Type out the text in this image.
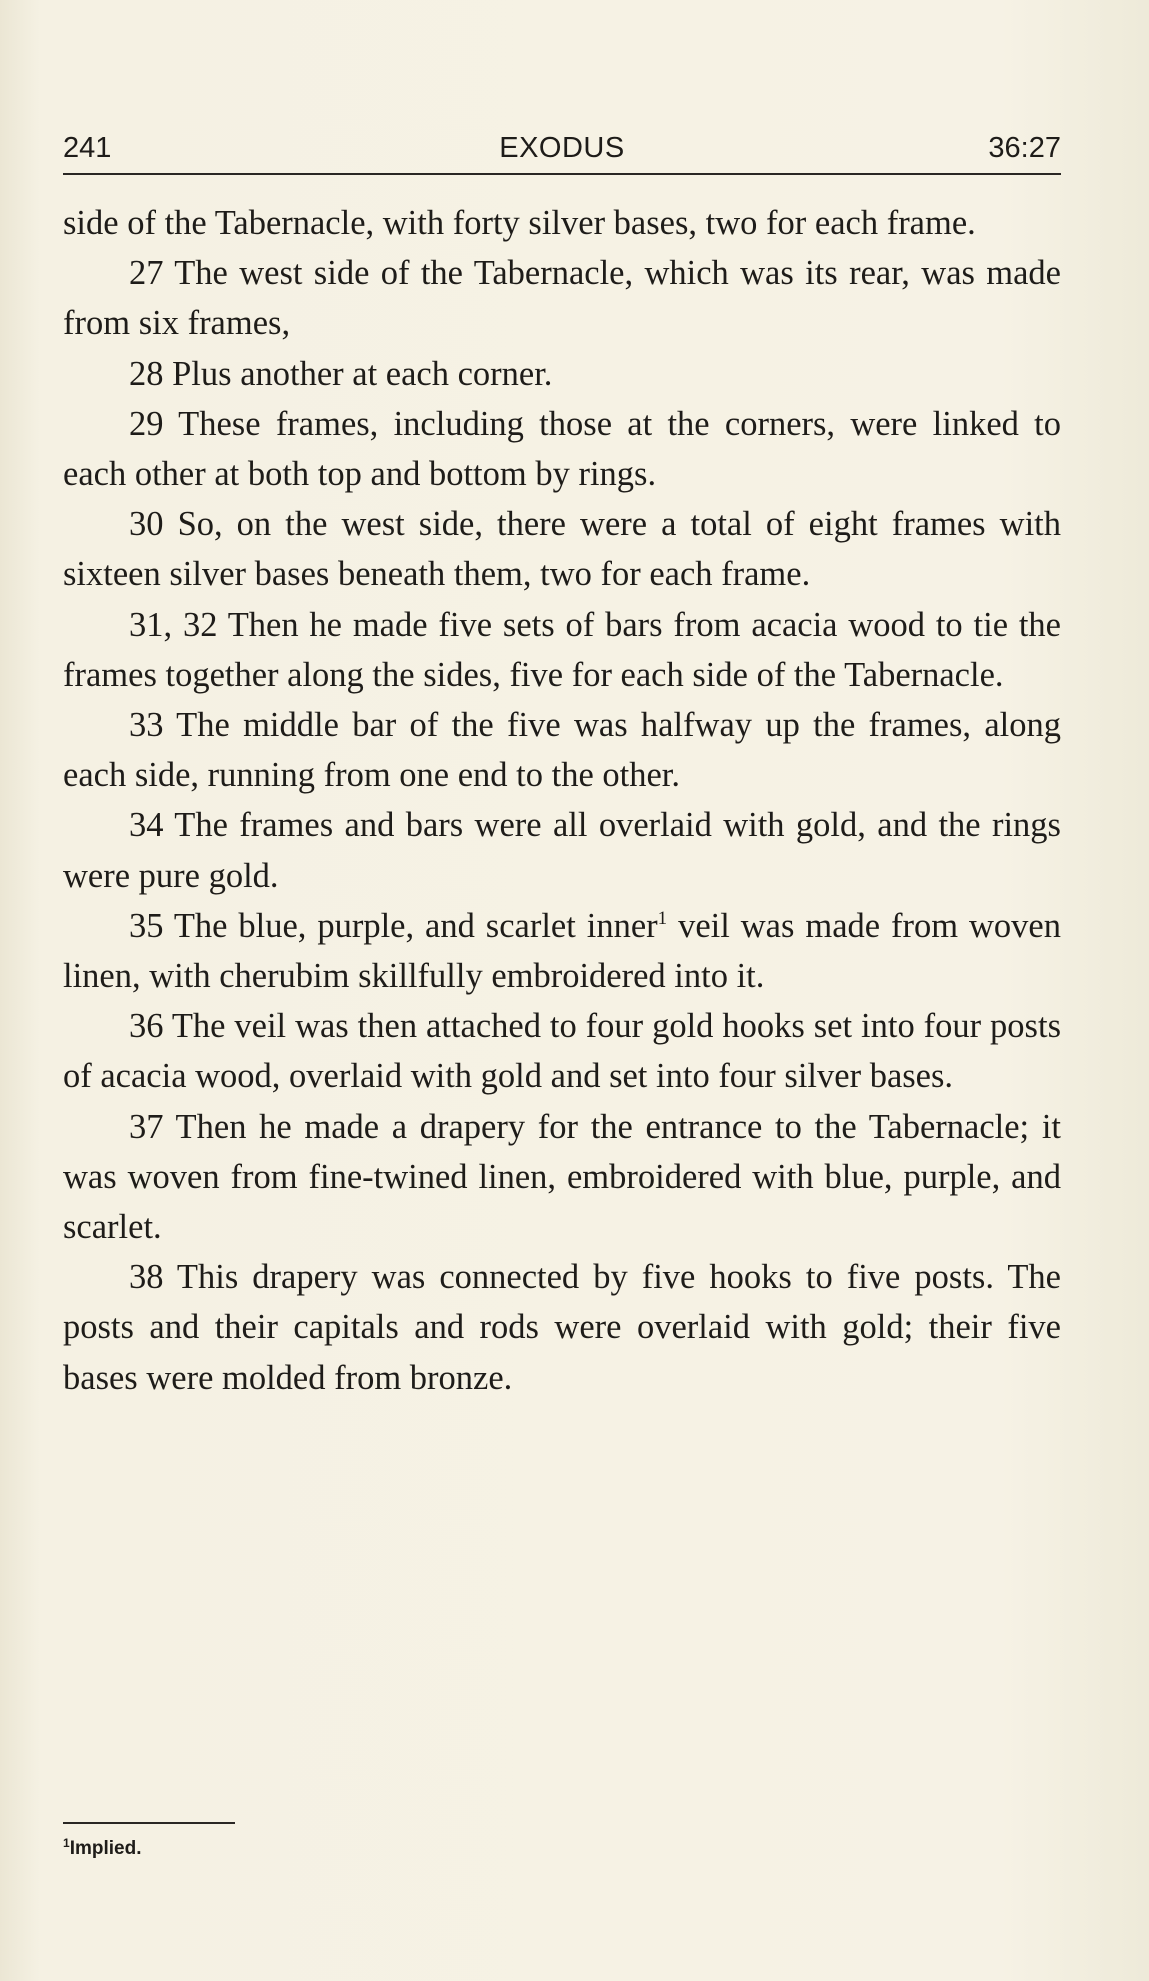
241	EXODUS	36:27

side of the Tabernacle, with forty silver bases, two for each frame.

27 The west side of the Tabernacle, which was its rear, was made from six frames,

28 Plus another at each corner.

29 These frames, including those at the corners, were linked to each other at both top and bottom by rings.

30 So, on the west side, there were a total of eight frames with sixteen silver bases beneath them, two for each frame.

31, 32 Then he made five sets of bars from acacia wood to tie the frames together along the sides, five for each side of the Tabernacle.

33 The middle bar of the five was halfway up the frames, along each side, running from one end to the other.

34 The frames and bars were all overlaid with gold, and the rings were pure gold.

35 The blue, purple, and scarlet inner$^1$ veil was made from woven linen, with cherubim skillfully embroidered into it.

36 The veil was then attached to four gold hooks set into four posts of acacia wood, overlaid with gold and set into four silver bases.

37 Then he made a drapery for the entrance to the Tabernacle; it was woven from fine-twined linen, embroidered with blue, purple, and scarlet.

38 This drapery was connected by five hooks to five posts. The posts and their capitals and rods were overlaid with gold; their five bases were molded from bronze.

$^1$Implied.
